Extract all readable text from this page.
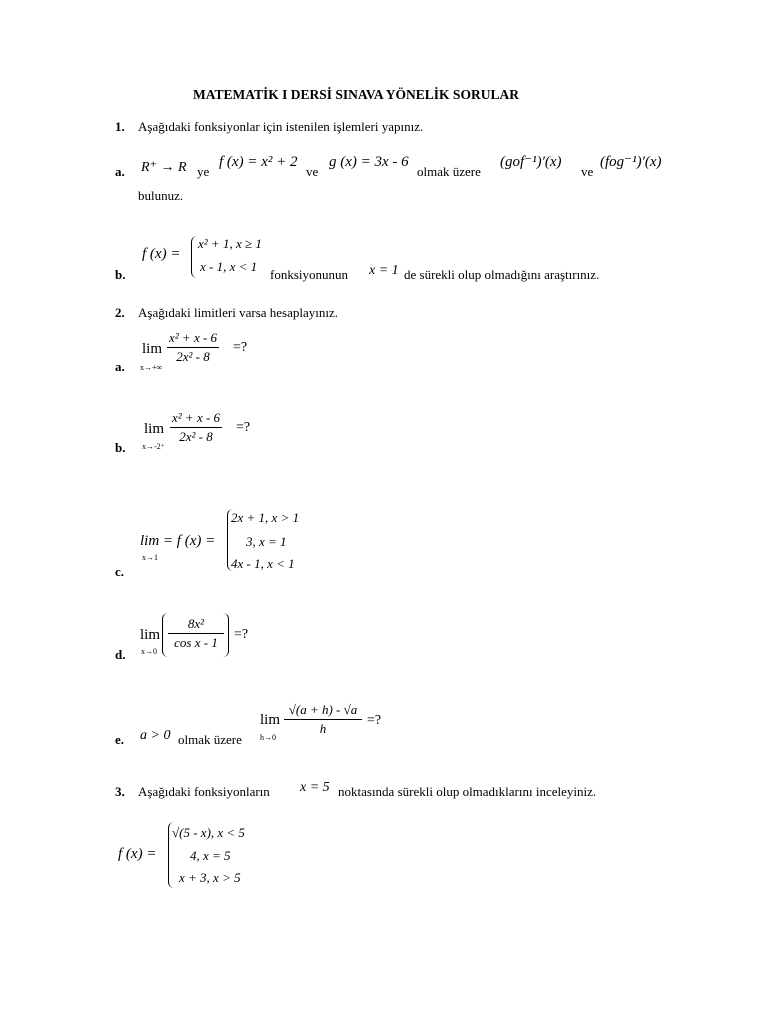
MATEMATİK I DERSİ SINAVA YÖNELİK SORULAR
1. Aşağıdaki fonksiyonlar için istenilen işlemleri yapınız.
a. R⁺ → R ye
f (x) = x² + 2
ve
g (x) = 3x - 6
olmak üzere
(gof⁻¹)′(x)
ve
(fog⁻¹)′(x)
bulunuz.
b.
f (x) =
x² + 1, x ≥ 1
x - 1, x < 1
fonksiyonunun x = 1 de sürekli olup olmadığını araştırınız.
2. Aşağıdaki limitleri varsa hesaplayınız.
a.
lim
x→+∞
$\frac{\text{x² + x - 6}}{\text{2x² - 8}}$ =?
b.
lim
x→-2⁺
$\frac{\text{x² + x - 6}}{\text{2x² - 8}}$ =?
c.
lim = f (x) =
x→1
2x + 1, x > 1
3, x = 1
4x - 1, x < 1
d.
lim
x→0
$\frac{\text{8x²}}{\text{cos x - 1}}$ =?
e. a > 0 olmak üzere
lim
h→0
$\frac{√(a + h) - √a}{h}$ =?
3. Aşağıdaki fonksiyonların x = 5 noktasında sürekli olup olmadıklarını inceleyiniz.
f (x) =
√(5 - x), x < 5
4, x = 5
x + 3, x > 5
